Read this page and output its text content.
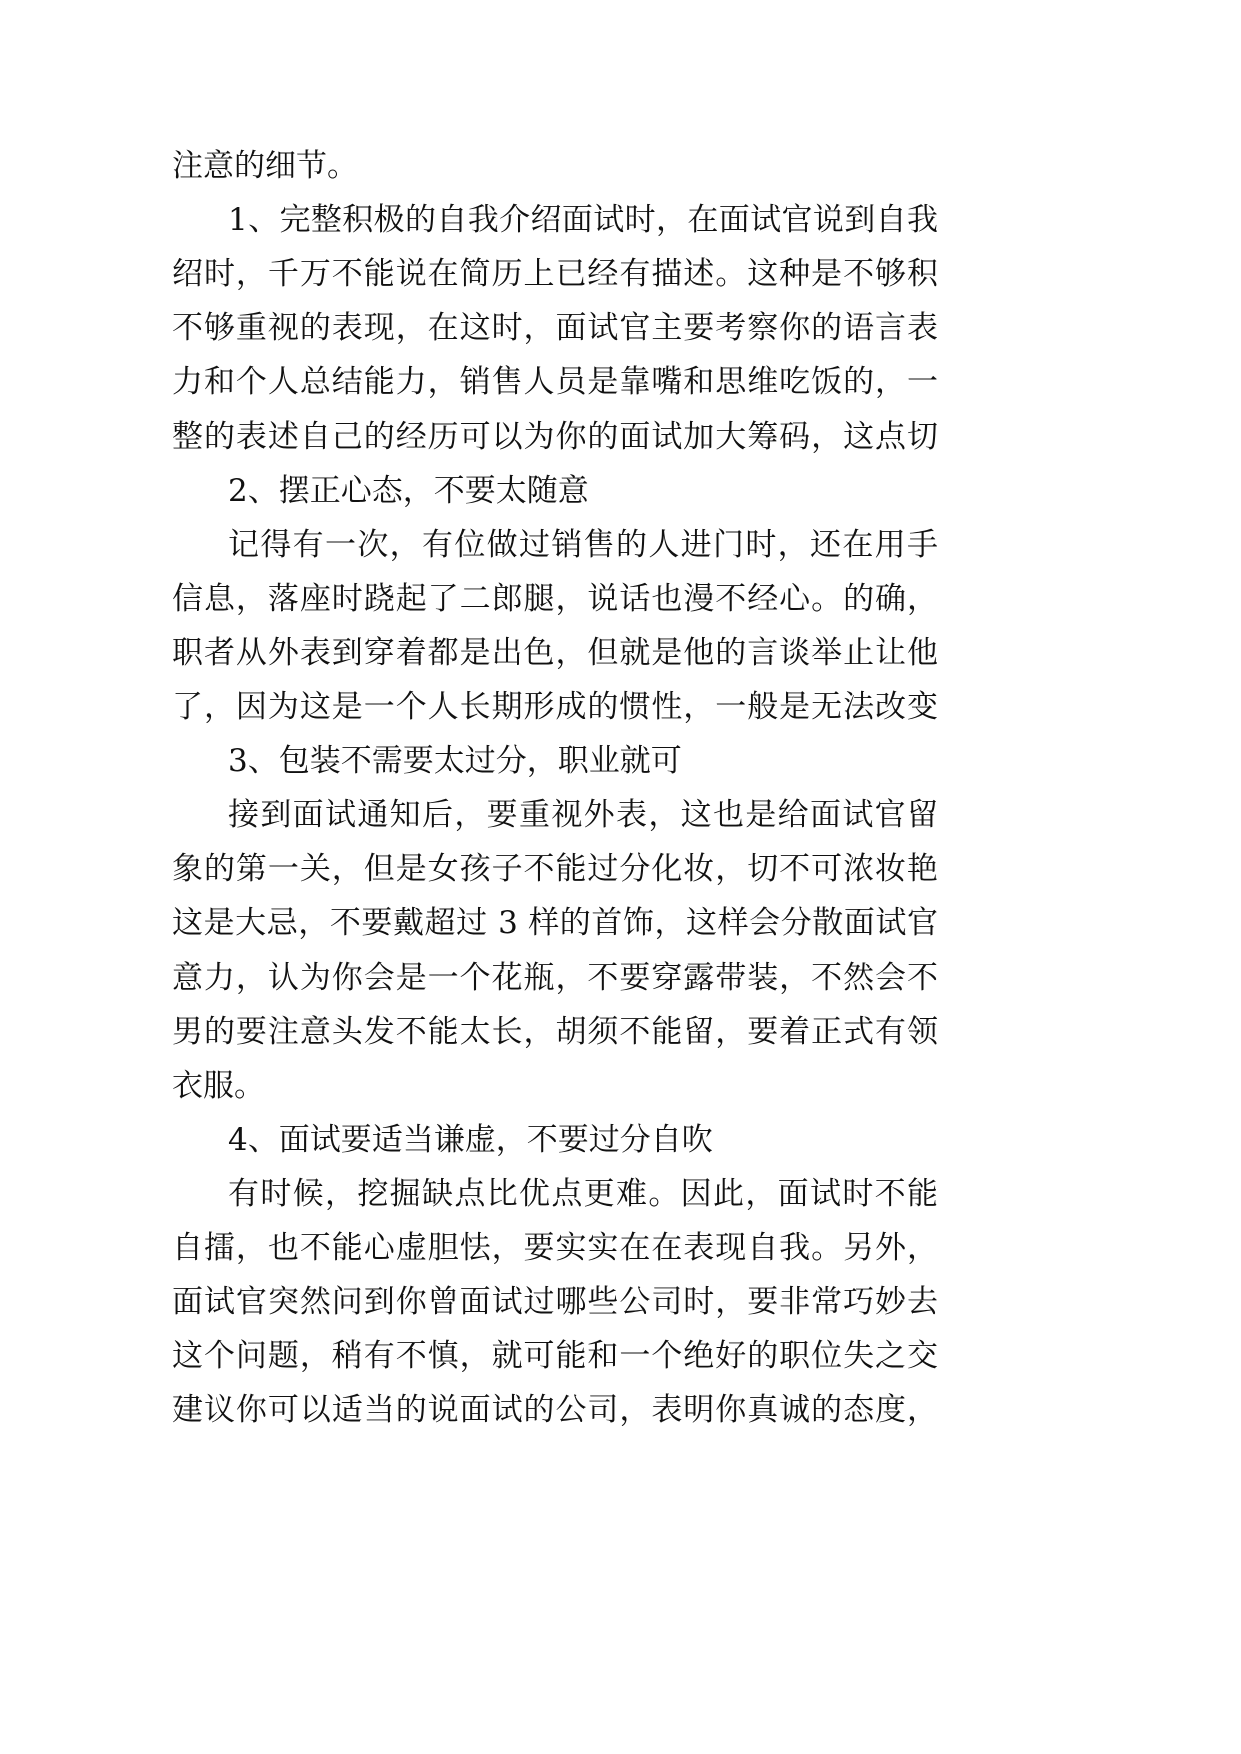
注意的细节。
1、完整积极的自我介绍面试时，在面试官说到自我
绍时，千万不能说在简历上已经有描述。这种是不够积
不够重视的表现，在这时，面试官主要考察你的语言表
力和个人总结能力，销售人员是靠嘴和思维吃饭的，一
整的表述自己的经历可以为你的面试加大筹码，这点切
2、摆正心态，不要太随意
记得有一次，有位做过销售的人进门时，还在用手
信息，落座时跷起了二郎腿，说话也漫不经心。的确，
职者从外表到穿着都是出色，但就是他的言谈举止让他
了，因为这是一个人长期形成的惯性，一般是无法改变
3、包装不需要太过分，职业就可
接到面试通知后，要重视外表，这也是给面试官留
象的第一关，但是女孩子不能过分化妆，切不可浓妆艳
这是大忌，不要戴超过 3 样的首饰，这样会分散面试官
意力，认为你会是一个花瓶，不要穿露带装，不然会不
男的要注意头发不能太长，胡须不能留，要着正式有领
衣服。
4、面试要适当谦虚，不要过分自吹
有时候，挖掘缺点比优点更难。因此，面试时不能
自擂，也不能心虚胆怯，要实实在在表现自我。另外，
面试官突然问到你曾面试过哪些公司时，要非常巧妙去
这个问题，稍有不慎，就可能和一个绝好的职位失之交
建议你可以适当的说面试的公司，表明你真诚的态度，
